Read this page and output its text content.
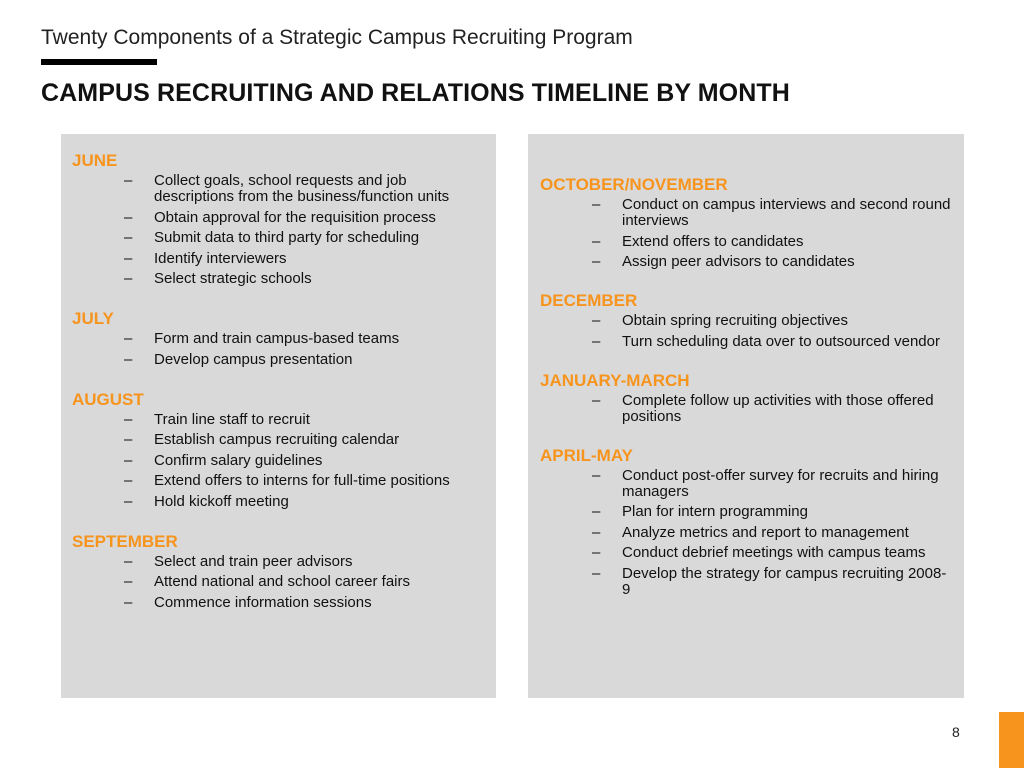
Twenty Components of a Strategic Campus Recruiting Program
CAMPUS RECRUITING AND RELATIONS TIMELINE BY MONTH
JUNE
–	Collect goals, school requests and job descriptions from the business/function units
–	Obtain approval for the requisition process
–	Submit data to third party for scheduling
–	Identify interviewers
–	Select strategic schools
JULY
–	Form and train campus-based teams
–	Develop campus presentation
AUGUST
–	Train line staff to recruit
–	Establish campus recruiting calendar
–	Confirm salary guidelines
–	Extend offers to interns for full-time positions
–	Hold kickoff meeting
SEPTEMBER
–	Select and train peer advisors
–	Attend national and school career fairs
–	Commence information sessions
OCTOBER/NOVEMBER
–	Conduct on campus interviews and second round interviews
–	Extend offers to candidates
–	Assign peer advisors to candidates
DECEMBER
–	Obtain spring recruiting objectives
–	Turn scheduling data over to outsourced vendor
JANUARY-MARCH
–	Complete follow up activities with those offered positions
APRIL-MAY
–	Conduct post-offer survey for recruits and hiring managers
–	Plan for intern programming
–	Analyze metrics and report to management
–	Conduct debrief meetings with campus teams
–	Develop the strategy for campus recruiting 2008-9
8
